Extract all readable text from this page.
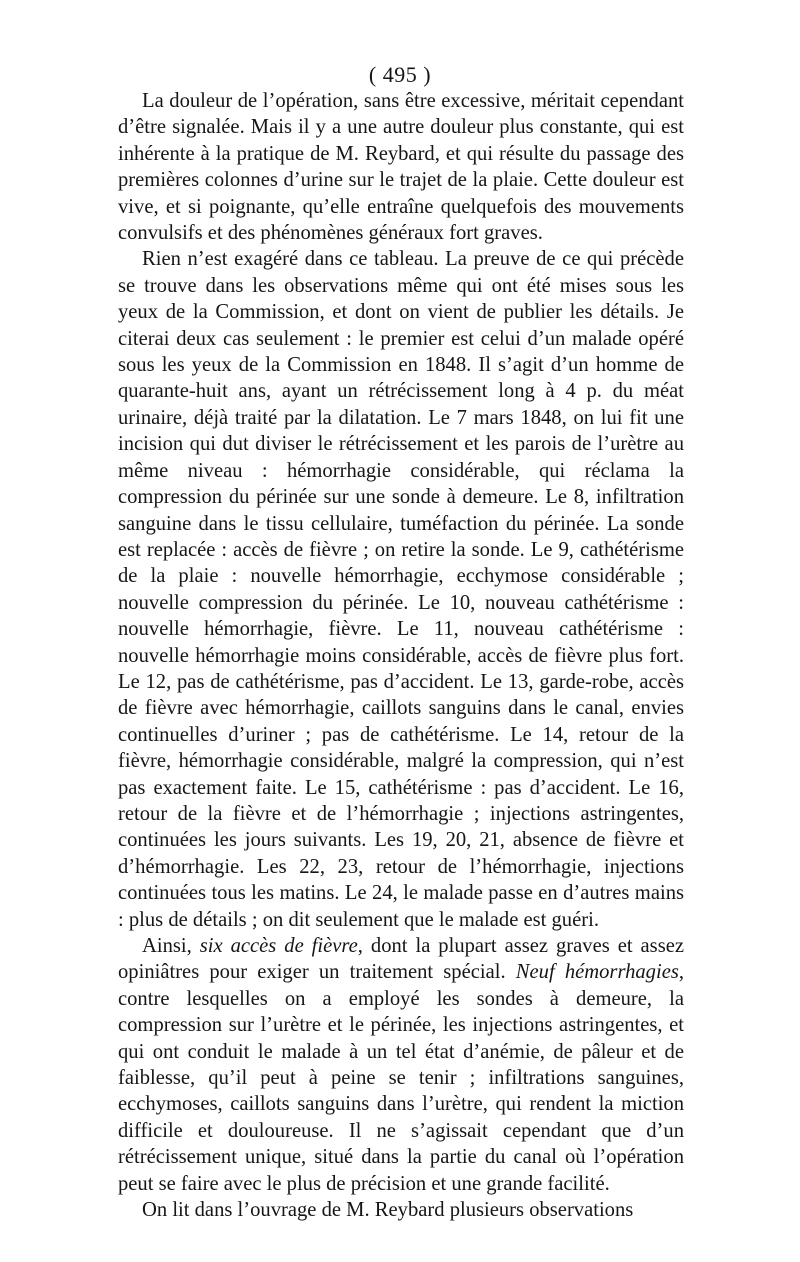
( 495 )

La douleur de l’opération, sans être excessive, méritait cependant d’être signalée. Mais il y a une autre douleur plus constante, qui est inhérente à la pratique de M. Reybard, et qui résulte du passage des premières colonnes d’urine sur le trajet de la plaie. Cette douleur est vive, et si poignante, qu’elle entraîne quelquefois des mouvements convulsifs et des phénomènes généraux fort graves.

Rien n’est exagéré dans ce tableau. La preuve de ce qui précède se trouve dans les observations même qui ont été mises sous les yeux de la Commission, et dont on vient de publier les détails. Je citerai deux cas seulement : le premier est celui d’un malade opéré sous les yeux de la Commission en 1848. Il s’agit d’un homme de quarante-huit ans, ayant un rétrécissement long à 4 p. du méat urinaire, déjà traité par la dilatation. Le 7 mars 1848, on lui fit une incision qui dut diviser le rétrécissement et les parois de l’urètre au même niveau : hémorrhagie considérable, qui réclama la compression du périnée sur une sonde à demeure. Le 8, infiltration sanguine dans le tissu cellulaire, tuméfaction du périnée. La sonde est replacée : accès de fièvre ; on retire la sonde. Le 9, cathétérisme de la plaie : nouvelle hémorrhagie, ecchymose considérable ; nouvelle compression du périnée. Le 10, nouveau cathétérisme : nouvelle hémorrhagie, fièvre. Le 11, nouveau cathétérisme : nouvelle hémorrhagie moins considérable, accès de fièvre plus fort. Le 12, pas de cathétérisme, pas d’accident. Le 13, garde-robe, accès de fièvre avec hémorrhagie, caillots sanguins dans le canal, envies continuelles d’uriner ; pas de cathétérisme. Le 14, retour de la fièvre, hémorrhagie considérable, malgré la compression, qui n’est pas exactement faite. Le 15, cathétérisme : pas d’accident. Le 16, retour de la fièvre et de l’hémorrhagie ; injections astringentes, continuées les jours suivants. Les 19, 20, 21, absence de fièvre et d’hémorrhagie. Les 22, 23, retour de l’hémorrhagie, injections continuées tous les matins. Le 24, le malade passe en d’autres mains : plus de détails ; on dit seulement que le malade est guéri.

Ainsi, six accès de fièvre, dont la plupart assez graves et assez opiniâtres pour exiger un traitement spécial. Neuf hémorrhagies, contre lesquelles on a employé les sondes à demeure, la compression sur l’urètre et le périnée, les injections astringentes, et qui ont conduit le malade à un tel état d’anémie, de pâleur et de faiblesse, qu’il peut à peine se tenir ; infiltrations sanguines, ecchymoses, caillots sanguins dans l’urètre, qui rendent la miction difficile et douloureuse. Il ne s’agissait cependant que d’un rétrécissement unique, situé dans la partie du canal où l’opération peut se faire avec le plus de précision et une grande facilité.

On lit dans l’ouvrage de M. Reybard plusieurs observations
